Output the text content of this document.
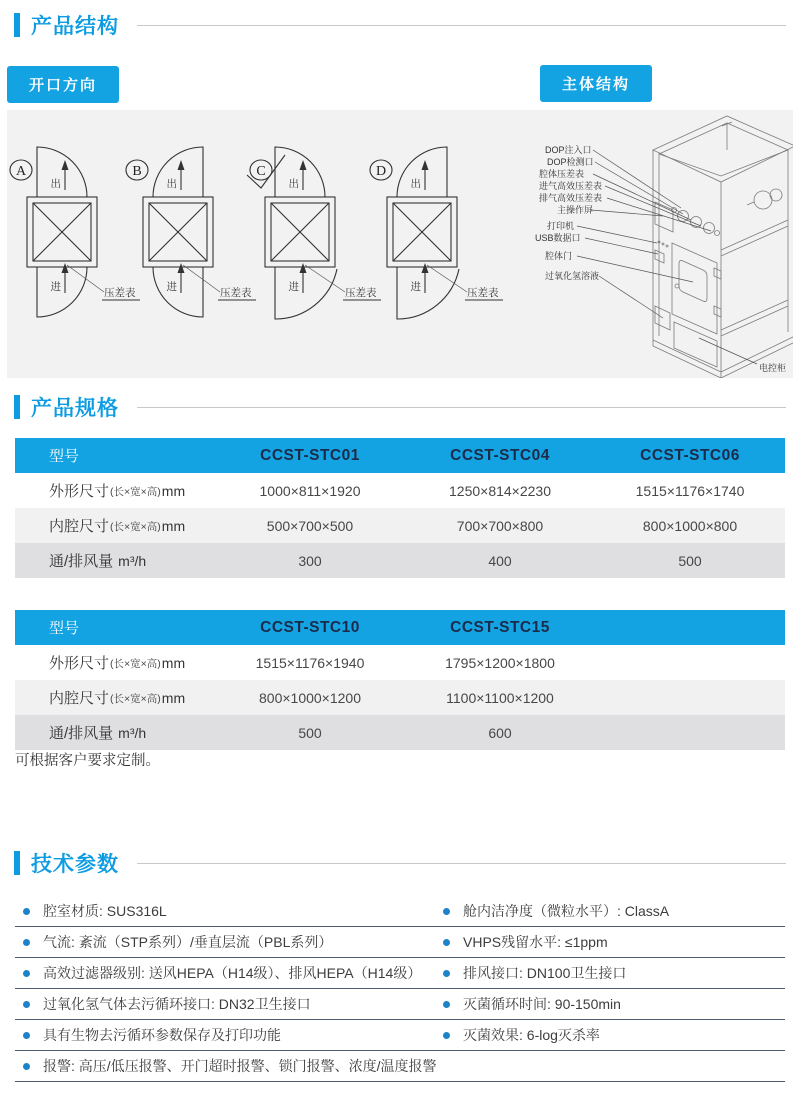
产品结构
开口方向	主体结构
A
出
进	压差表
B
出
进	压差表
C
出
进	压差表
D
出
进	压差表
DOP注入口
DOP检测口
腔体压差表
进气高效压差表
排气高效压差表
主操作屏
打印机
USB数据口
腔体门
过氧化氢溶液
电控柜
产品规格
型号	CCST-STC01	CCST-STC04	CCST-STC06
外形尺寸 (长×宽×高) mm	1000×811×1920	1250×814×2230	1515×1176×1740
内腔尺寸 (长×宽×高) mm	500×700×500	700×700×800	800×1000×800
通/排风量 m³/h	300	400	500
型号	CCST-STC10	CCST-STC15
外形尺寸 (长×宽×高) mm	1515×1176×1940	1795×1200×1800
内腔尺寸 (长×宽×高) mm	800×1000×1200	1100×1100×1200
通/排风量 m³/h	500	600
可根据客户要求定制。
技术参数
腔室材质: SUS316L	舱内洁净度（微粒水平）: ClassA
气流: 紊流（STP系列）/垂直层流（PBL系列）	VHPS残留水平: ≤1ppm
高效过滤器级别: 送风HEPA（H14级）、排风HEPA（H14级）	排风接口: DN100卫生接口
过氧化氢气体去污循环接口: DN32卫生接口	灭菌循环时间: 90-150min
具有生物去污循环参数保存及打印功能	灭菌效果: 6-log灭杀率
报警: 高压/低压报警、开门超时报警、锁门报警、浓度/温度报警
